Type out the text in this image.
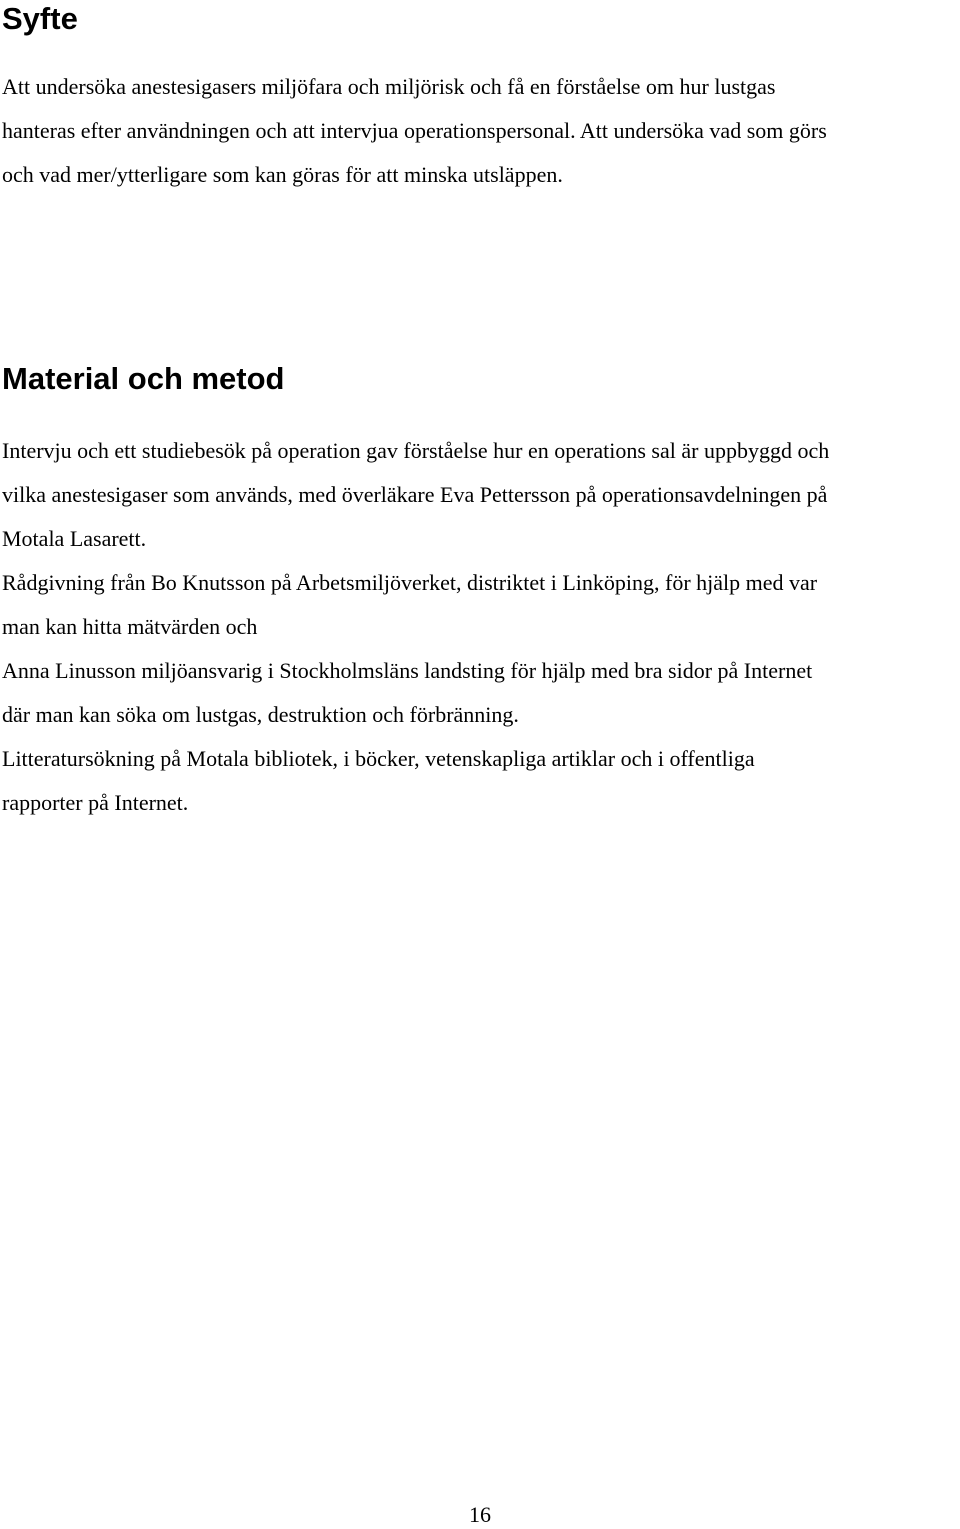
Syfte

Att undersöka anestesigasers miljöfara och miljörisk och få en förståelse om hur lustgas
hanteras efter användningen och att intervjua operationspersonal. Att undersöka vad som görs
och vad mer/ytterligare som kan göras för att minska utsläppen.

Material och metod

Intervju och ett studiebesök på operation gav förståelse hur en operations sal är uppbyggd och
vilka anestesigaser som används, med överläkare Eva Pettersson på operationsavdelningen på
Motala Lasarett.

Rådgivning från Bo Knutsson på Arbetsmiljöverket, distriktet i Linköping, för hjälp med var
man kan hitta mätvärden och

Anna Linusson miljöansvarig i Stockholmsläns landsting för hjälp med bra sidor på Internet
där man kan söka om lustgas, destruktion och förbränning.

Litteratursökning på Motala bibliotek, i böcker, vetenskapliga artiklar och i offentliga
rapporter på Internet.

16
